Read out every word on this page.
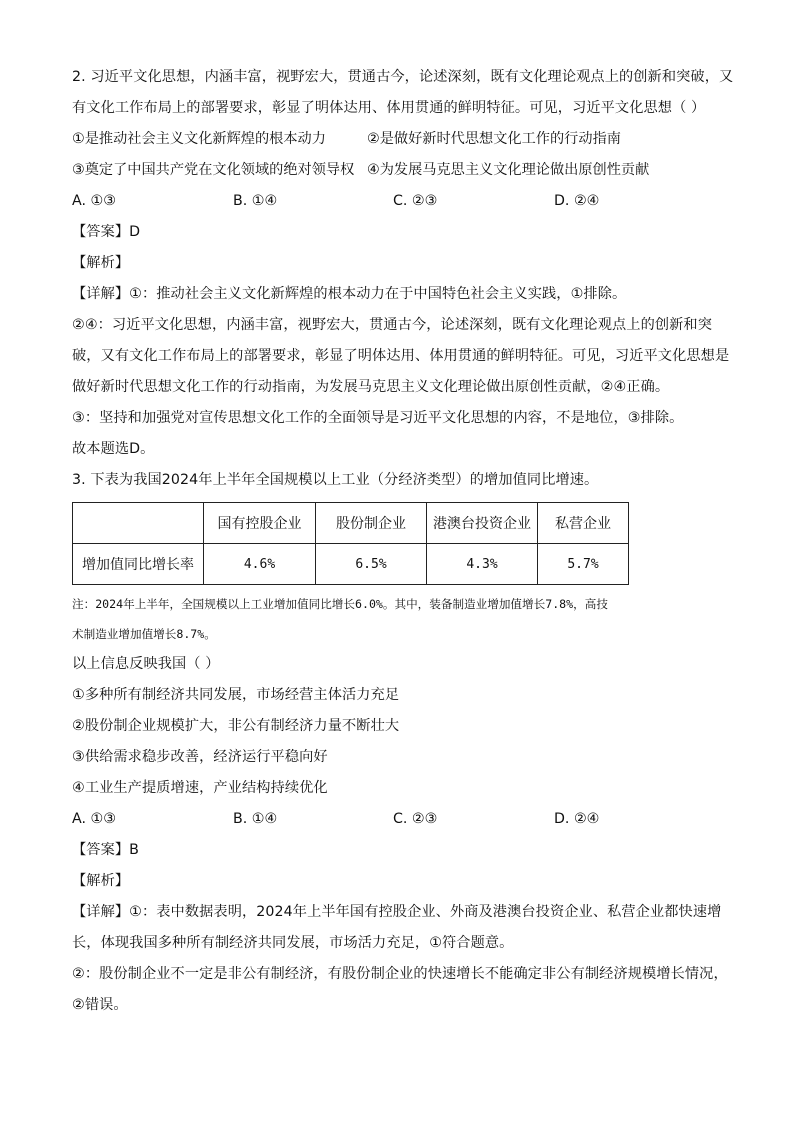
2. 习近平文化思想，内涵丰富，视野宏大，贯通古今，论述深刻，既有文化理论观点上的创新和突破，又
有文化工作布局上的部署要求，彰显了明体达用、体用贯通的鲜明特征。可见，习近平文化思想（ ）
①是推动社会主义文化新辉煌的根本动力	②是做好新时代思想文化工作的行动指南
③奠定了中国共产党在文化领域的绝对领导权 ④为发展马克思主义文化理论做出原创性贡献
A. ①③	B. ①④	C. ②③	D. ②④
【答案】D
【解析】
【详解】①：推动社会主义文化新辉煌的根本动力在于中国特色社会主义实践，①排除。
②④：习近平文化思想，内涵丰富，视野宏大，贯通古今，论述深刻，既有文化理论观点上的创新和突
破，又有文化工作布局上的部署要求，彰显了明体达用、体用贯通的鲜明特征。可见，习近平文化思想是
做好新时代思想文化工作的行动指南，为发展马克思主义文化理论做出原创性贡献，②④正确。
③：坚持和加强党对宣传思想文化工作的全面领导是习近平文化思想的内容，不是地位，③排除。
故本题选D。
3. 下表为我国2024年上半年全国规模以上工业（分经济类型）的增加值同比增速。
	国有控股企业	股份制企业	港澳台投资企业	私营企业
增加值同比增长率	4.6%	6.5%	4.3%	5.7%
注：2024年上半年，全国规模以上工业增加值同比增长6.0%。其中，装备制造业增加值增长7.8%，高技
术制造业增加值增长8.7%。
以上信息反映我国（ ）
①多种所有制经济共同发展，市场经营主体活力充足
②股份制企业规模扩大，非公有制经济力量不断壮大
③供给需求稳步改善，经济运行平稳向好
④工业生产提质增速，产业结构持续优化
A. ①③	B. ①④	C. ②③	D. ②④
【答案】B
【解析】
【详解】①：表中数据表明，2024年上半年国有控股企业、外商及港澳台投资企业、私营企业都快速增
长，体现我国多种所有制经济共同发展，市场活力充足，①符合题意。
②：股份制企业不一定是非公有制经济，有股份制企业的快速增长不能确定非公有制经济规模增长情况，
②错误。
